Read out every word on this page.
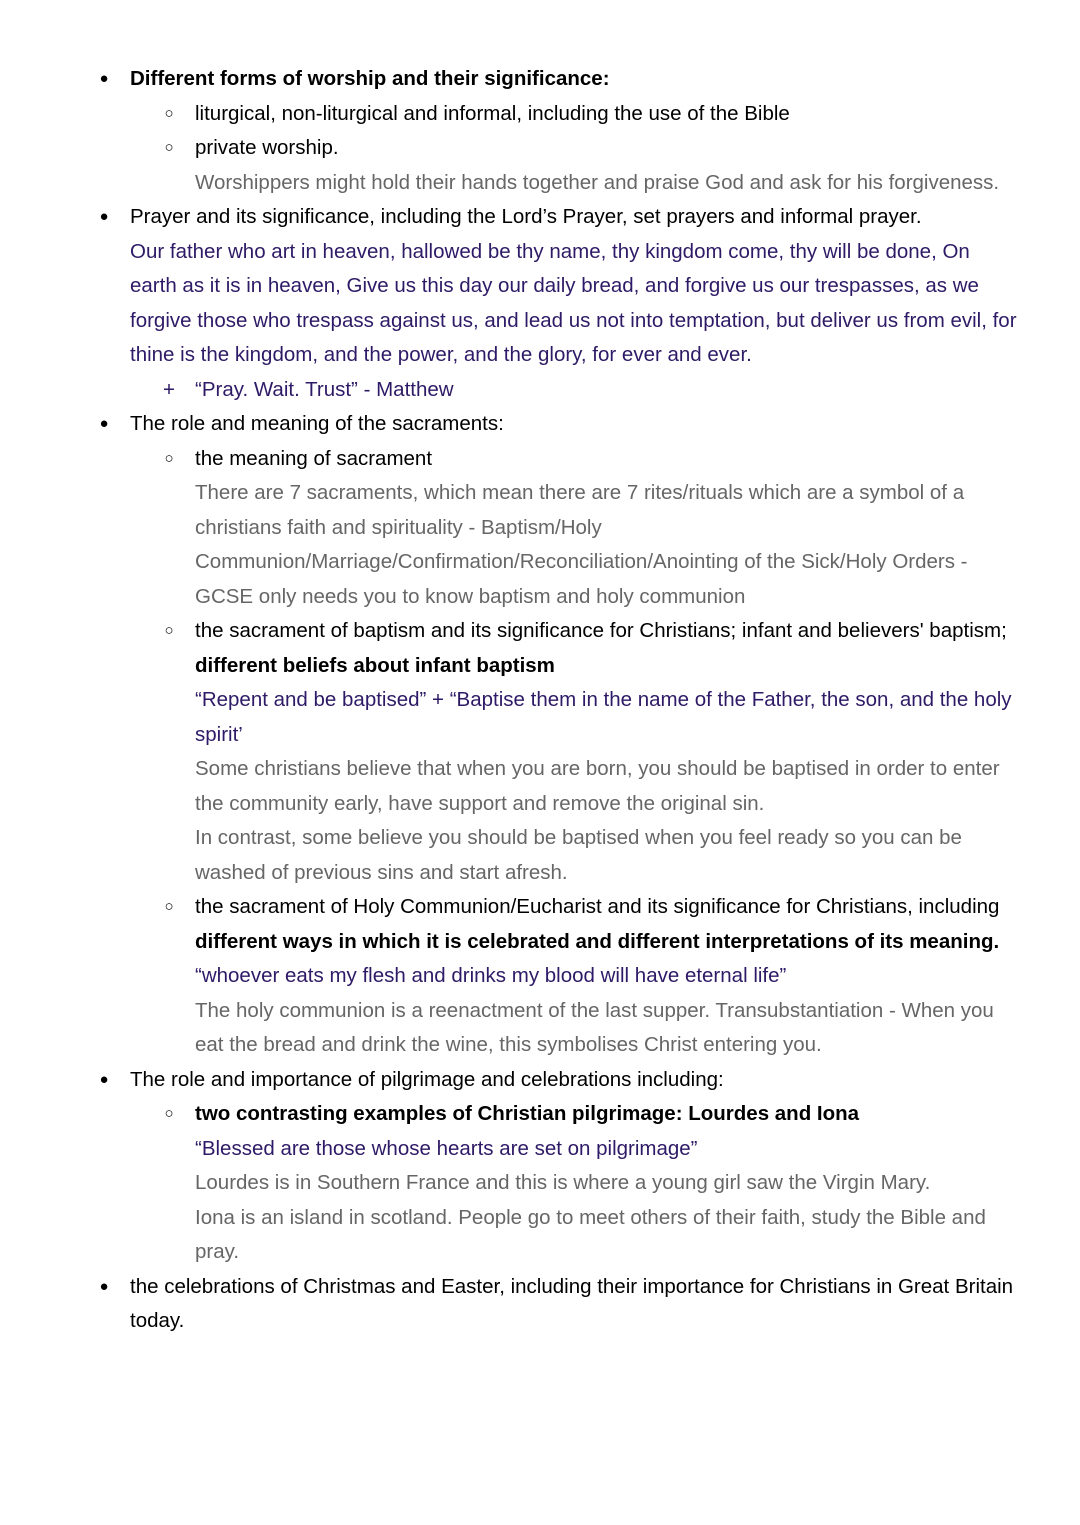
● Different forms of worship and their significance:

○ liturgical, non-liturgical and informal, including the use of the Bible

○ private worship.

Worshippers might hold their hands together and praise God and ask for his forgiveness.

● Prayer and its significance, including the Lord’s Prayer, set prayers and informal prayer.

Our father who art in heaven, hallowed be thy name, thy kingdom come, thy will be done, On earth as it is in heaven, Give us this day our daily bread, and forgive us our trespasses, as we forgive those who trespass against us, and lead us not into temptation, but deliver us from evil, for thine is the kingdom, and the power, and the glory, for ever and ever.

+ “Pray. Wait. Trust” - Matthew

● The role and meaning of the sacraments:

○ the meaning of sacrament

There are 7 sacraments, which mean there are 7 rites/rituals which are a symbol of a christians faith and spirituality - Baptism/Holy Communion/Marriage/Confirmation/Reconciliation/Anointing of the Sick/Holy Orders - GCSE only needs you to know baptism and holy communion

○ the sacrament of baptism and its significance for Christians; infant and believers' baptism; different beliefs about infant baptism

“Repent and be baptised” + “Baptise them in the name of the Father, the son, and the holy spirit’

Some christians believe that when you are born, you should be baptised in order to enter the community early, have support and remove the original sin.

In contrast, some believe you should be baptised when you feel ready so you can be washed of previous sins and start afresh.

○ the sacrament of Holy Communion/Eucharist and its significance for Christians, including different ways in which it is celebrated and different interpretations of its meaning.

“whoever eats my flesh and drinks my blood will have eternal life”

The holy communion is a reenactment of the last supper. Transubstantiation - When you eat the bread and drink the wine, this symbolises Christ entering you.

● The role and importance of pilgrimage and celebrations including:

○ two contrasting examples of Christian pilgrimage: Lourdes and Iona

“Blessed are those whose hearts are set on pilgrimage”

Lourdes is in Southern France and this is where a young girl saw the Virgin Mary.

Iona is an island in scotland. People go to meet others of their faith, study the Bible and pray.

● the celebrations of Christmas and Easter, including their importance for Christians in Great Britain today.
